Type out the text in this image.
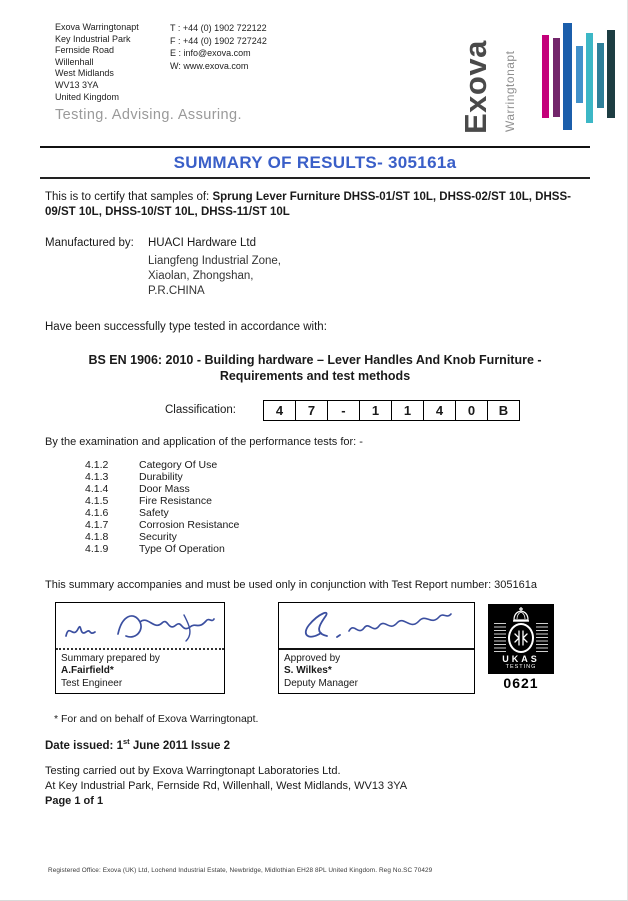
Exova Warringtonapt
Key Industrial Park
Fernside Road
Willenhall
West Midlands
WV13 3YA
United Kingdom
T : +44 (0) 1902 722122
F : +44 (0) 1902 727242
E : info@exova.com
W: www.exova.com
Testing. Advising. Assuring.	Exova Warringtonapt
SUMMARY OF RESULTS- 305161a
This is to certify that samples of: Sprung Lever Furniture DHSS-01/ST 10L, DHSS-02/ST 10L, DHSS-09/ST 10L, DHSS-10/ST 10L, DHSS-11/ST 10L
Manufactured by:	HUACI Hardware Ltd
Liangfeng Industrial Zone,
Xiaolan, Zhongshan,
P.R.CHINA
Have been successfully type tested in accordance with:
BS EN 1906: 2010 - Building hardware – Lever Handles And Knob Furniture -
Requirements and test methods
Classification:	4	7	-	1	1	4	0	B
By the examination and application of the performance tests for: -
4.1.2	Category Of Use
4.1.3	Durability
4.1.4	Door Mass
4.1.5	Fire Resistance
4.1.6	Safety
4.1.7	Corrosion Resistance
4.1.8	Security
4.1.9	Type Of Operation
This summary accompanies and must be used only in conjunction with Test Report number: 305161a
Summary prepared by
A.Fairfield*
Test Engineer
Approved by
S. Wilkes*
Deputy Manager
UKAS
TESTING
0621
* For and on behalf of Exova Warringtonapt.
Date issued: 1st June 2011 Issue 2
Testing carried out by Exova Warringtonapt Laboratories Ltd.
At Key Industrial Park, Fernside Rd, Willenhall, West Midlands, WV13 3YA
Page 1 of 1
Registered Office: Exova (UK) Ltd, Lochend Industrial Estate, Newbridge, Midlothian EH28 8PL United Kingdom. Reg No.SC 70429
